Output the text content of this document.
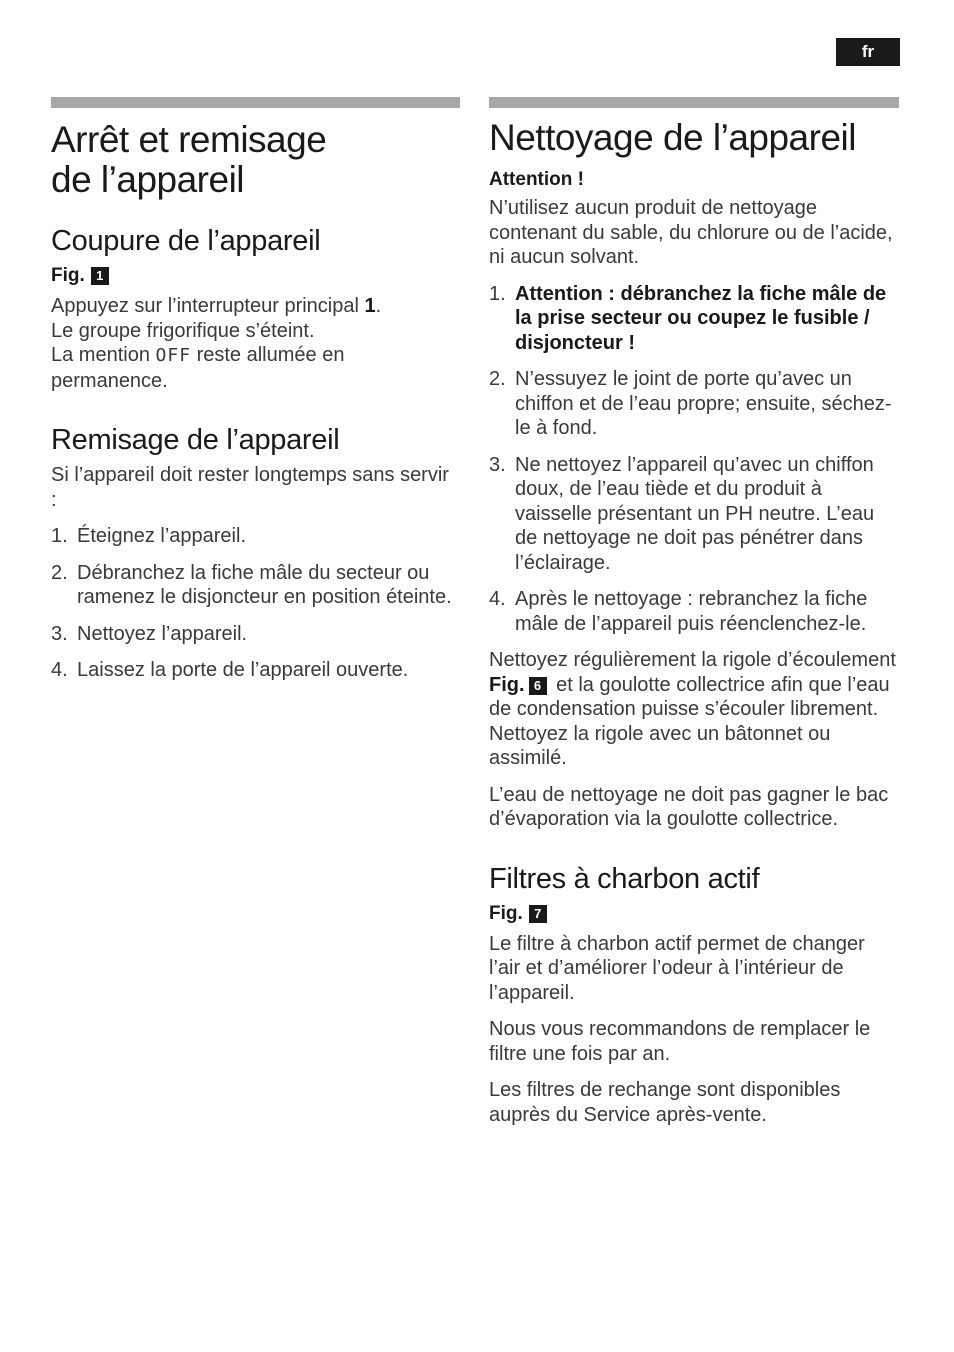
fr
Arrêt et remisage
de l’appareil
Coupure de l’appareil
Fig. 1

Appuyez sur l’interrupteur principal 1.
Le groupe frigorifique s’éteint.
La mention OFF reste allumée en permanence.

Remisage de l’appareil

Si l’appareil doit rester longtemps sans servir :

1. Éteignez l’appareil.
2. Débranchez la fiche mâle du secteur ou ramenez le disjoncteur en position éteinte.
3. Nettoyez l’appareil.
4. Laissez la porte de l’appareil ouverte.
Nettoyage de l’appareil
Attention !

N’utilisez aucun produit de nettoyage contenant du sable, du chlorure ou de l’acide, ni aucun solvant.

1. Attention : débranchez la fiche mâle de la prise secteur ou coupez le fusible / disjoncteur !
2. N’essuyez le joint de porte qu’avec un chiffon et de l’eau propre; ensuite, séchez-le à fond.
3. Ne nettoyez l’appareil qu’avec un chiffon doux, de l’eau tiède et du produit à vaisselle présentant un PH neutre. L’eau de nettoyage ne doit pas pénétrer dans l’éclairage.
4. Après le nettoyage : rebranchez la fiche mâle de l’appareil puis réenclenchez-le.

Nettoyez régulièrement la rigole d’écoulement Fig. 6 et la goulotte collectrice afin que l’eau de condensation puisse s’écouler librement. Nettoyez la rigole avec un bâtonnet ou assimilé.

L’eau de nettoyage ne doit pas gagner le bac d’évaporation via la goulotte collectrice.

Filtres à charbon actif
Fig. 7

Le filtre à charbon actif permet de changer l’air et d’améliorer l’odeur à l’intérieur de l’appareil.

Nous vous recommandons de remplacer le filtre une fois par an.

Les filtres de rechange sont disponibles auprès du Service après-vente.
